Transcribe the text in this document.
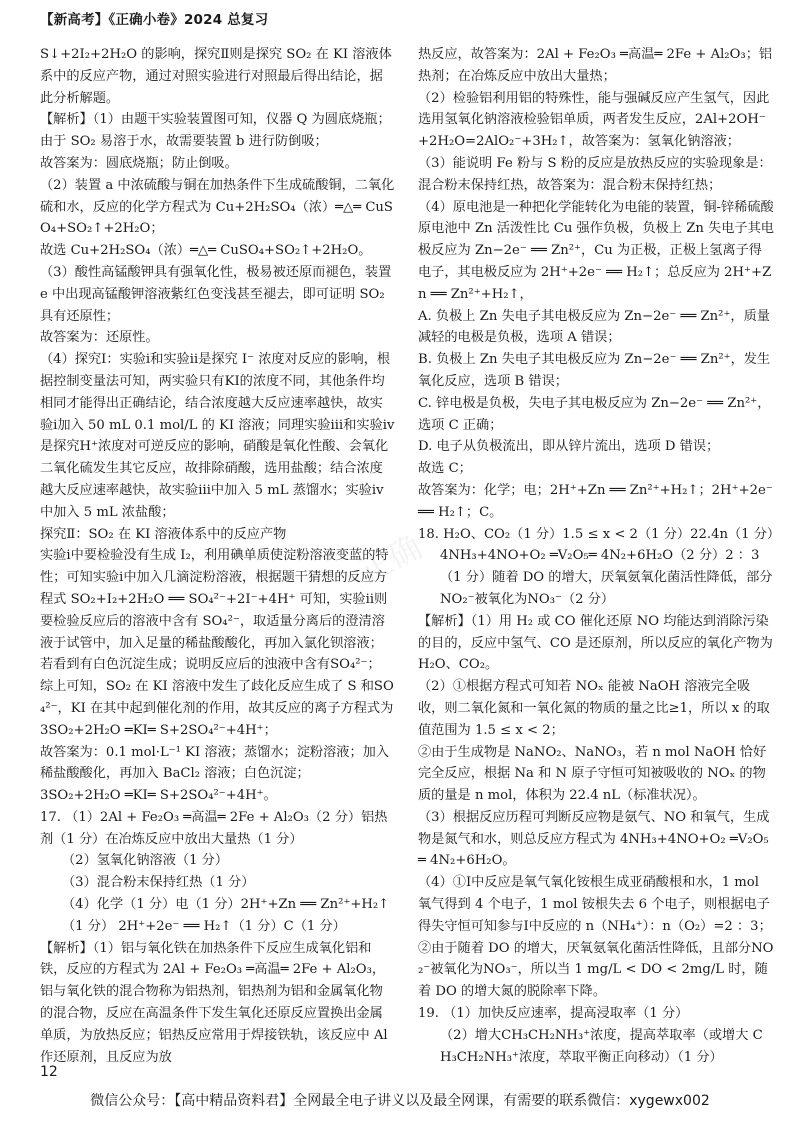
【新高考】《正确小卷》2024 总复习
正确

S↓+2I₂+2H₂O 的影响，探究Ⅱ则是探究 SO₂ 在 KI 溶液体系中的反应产物，通过对照实验进行对照最后得出结论，据此分析解题。

【解析】（1）由题干实验装置图可知，仪器 Q 为圆底烧瓶；由于 SO₂ 易溶于水，故需要装置 b 进行防倒吸；

故答案为：圆底烧瓶；防止倒吸。

（2）装置 a 中浓硫酸与铜在加热条件下生成硫酸铜，二氧化硫和水，反应的化学方程式为 Cu+2H₂SO₄（浓）═△═ CuSO₄+SO₂↑+2H₂O；

故选 Cu+2H₂SO₄（浓）═△═ CuSO₄+SO₂↑+2H₂O。

（3）酸性高锰酸钾具有强氧化性，极易被还原而褪色，装置 e 中出现高锰酸钾溶液紫红色变浅甚至褪去，即可证明 SO₂ 具有还原性；

故答案为：还原性。

（4）探究Ⅰ：实验ⅰ和实验ⅱ是探究 I⁻ 浓度对反应的影响，根据控制变量法可知，两实验只有KI的浓度不同，其他条件均相同才能得出正确结论，结合浓度越大反应速率越快，故实验ⅰ加入 50 mL 0.1 mol/L 的 KI 溶液；同理实验ⅲ和实验ⅳ是探究H⁺浓度对可逆反应的影响，硝酸是氧化性酸、会氧化二氧化硫发生其它反应，故排除硝酸，选用盐酸；结合浓度越大反应速率越快，故实验ⅲ中加入 5 mL 蒸馏水；实验ⅳ中加入 5 mL 浓盐酸；

探究Ⅱ：SO₂ 在 KI 溶液体系中的反应产物

实验ⅰ中要检验没有生成 I₂，利用碘单质使淀粉溶液变蓝的特性；可知实验ⅰ中加入几滴淀粉溶液，根据题干猜想的反应方程式 SO₂+I₂+2H₂O ══ SO₄²⁻+2I⁻+4H⁺ 可知，实验ⅱ则要检验反应后的溶液中含有 SO₄²⁻，取适量分离后的澄清溶液于试管中，加入足量的稀盐酸酸化，再加入氯化钡溶液；若看到有白色沉淀生成；说明反应后的浊液中含有SO₄²⁻；

综上可知，SO₂ 在 KI 溶液中发生了歧化反应生成了 S 和SO₄²⁻，KI 在其中起到催化剂的作用，故其反应的离子方程式为 3SO₂+2H₂O ═KI═ S+2SO₄²⁻+4H⁺；

故答案为：0.1 mol·L⁻¹ KI 溶液；蒸馏水；淀粉溶液；加入稀盐酸酸化，再加入 BaCl₂ 溶液；白色沉淀；

3SO₂+2H₂O ═KI═ S+2SO₄²⁻+4H⁺。

17. （1）2Al + Fe₂O₃ ═高温═ 2Fe + Al₂O₃（2 分）铝热剂（1 分）在冶炼反应中放出大量热（1 分）

（2）氢氧化钠溶液（1 分）

（3）混合粉末保持红热（1 分）

（4）化学（1 分）电（1 分）2H⁺+Zn ══ Zn²⁺+H₂↑（1 分） 2H⁺+2e⁻ ══ H₂↑（1 分）C（1 分）

【解析】（1）铝与氧化铁在加热条件下反应生成氧化铝和铁，反应的方程式为 2Al + Fe₂O₃ ═高温═ 2Fe + Al₂O₃，铝与氧化铁的混合物称为铝热剂，铝热剂为铝和金属氧化物的混合物，反应在高温条件下发生氧化还原反应置换出金属单质，为放热反应；铝热反应常用于焊接铁轨，该反应中 Al 作还原剂，且反应为放

热反应，故答案为：2Al + Fe₂O₃ ═高温═ 2Fe + Al₂O₃；铝热剂；在冶炼反应中放出大量热；

（2）检验铝利用铝的特殊性，能与强碱反应产生氢气，因此选用氢氧化钠溶液检验铝单质，两者发生反应，2Al+2OH⁻+2H₂O=2AlO₂⁻+3H₂↑，故答案为：氢氧化钠溶液；

（3）能说明 Fe 粉与 S 粉的反应是放热反应的实验现象是：混合粉末保持红热，故答案为：混合粉末保持红热；

（4）原电池是一种把化学能转化为电能的装置，铜-锌稀硫酸原电池中 Zn 活泼性比 Cu 强作负极，负极上 Zn 失电子其电极反应为 Zn−2e⁻ ══ Zn²⁺，Cu 为正极，正极上氢离子得电子，其电极反应为 2H⁺+2e⁻ ══ H₂↑；总反应为 2H⁺+Zn ══ Zn²⁺+H₂↑，

A. 负极上 Zn 失电子其电极反应为 Zn−2e⁻ ══ Zn²⁺，质量减轻的电极是负极，选项 A 错误；

B. 负极上 Zn 失电子其电极反应为 Zn−2e⁻ ══ Zn²⁺，发生氧化反应，选项 B 错误；

C. 锌电极是负极，失电子其电极反应为 Zn−2e⁻ ══ Zn²⁺，选项 C 正确；

D. 电子从负极流出，即从锌片流出，选项 D 错误；

故选 C；

故答案为：化学；电；2H⁺+Zn ══ Zn²⁺+H₂↑；2H⁺+2e⁻ ══ H₂↑；C。

18. H₂O、CO₂（1 分）1.5 ≤ x < 2（1 分）22.4n（1 分）

4NH₃+4NO+O₂ ═V₂O₅═ 4N₂+6H₂O（2 分）2 ：3（1 分）随着 DO 的增大，厌氧氨氧化菌活性降低，部分NO₂⁻被氧化为NO₃⁻（2 分）

【解析】（1）用 H₂ 或 CO 催化还原 NO 均能达到消除污染的目的，反应中氢气、CO 是还原剂，所以反应的氧化产物为 H₂O、CO₂。

（2）①根据方程式可知若 NOₓ 能被 NaOH 溶液完全吸收，则二氧化氮和一氧化氮的物质的量之比≥1，所以 x 的取值范围为 1.5 ≤ x < 2；

②由于生成物是 NaNO₂、NaNO₃，若 n mol NaOH 恰好完全反应，根据 Na 和 N 原子守恒可知被吸收的 NOₓ 的物质的量是 n mol，体积为 22.4 nL（标准状况）。

（3）根据反应历程可判断反应物是氨气、NO 和氧气，生成物是氮气和水，则总反应方程式为 4NH₃+4NO+O₂ ═V₂O₅═ 4N₂+6H₂O。

（4）①Ⅰ中反应是氧气氧化铵根生成亚硝酸根和水，1 mol 氧气得到 4 个电子，1 mol 铵根失去 6 个电子，则根据电子得失守恒可知参与Ⅰ中反应的 n（NH₄⁺）：n（O₂）=2 ：3；

②由于随着 DO 的增大，厌氧氨氧化菌活性降低，且部分NO₂⁻被氧化为NO₃⁻，所以当 1 mg/L < DO < 2mg/L 时，随着 DO 的增大氮的脱除率下降。

19. （1）加快反应速率，提高浸取率（1 分）

（2）增大CH₃CH₂NH₃⁺浓度，提高萃取率（或增大 CH₃CH₂NH₃⁺浓度，萃取平衡正向移动）（1 分）

12
微信公众号：【高中精品资料君】全网最全电子讲义以及最全网课，有需要的联系微信：xygewx002
